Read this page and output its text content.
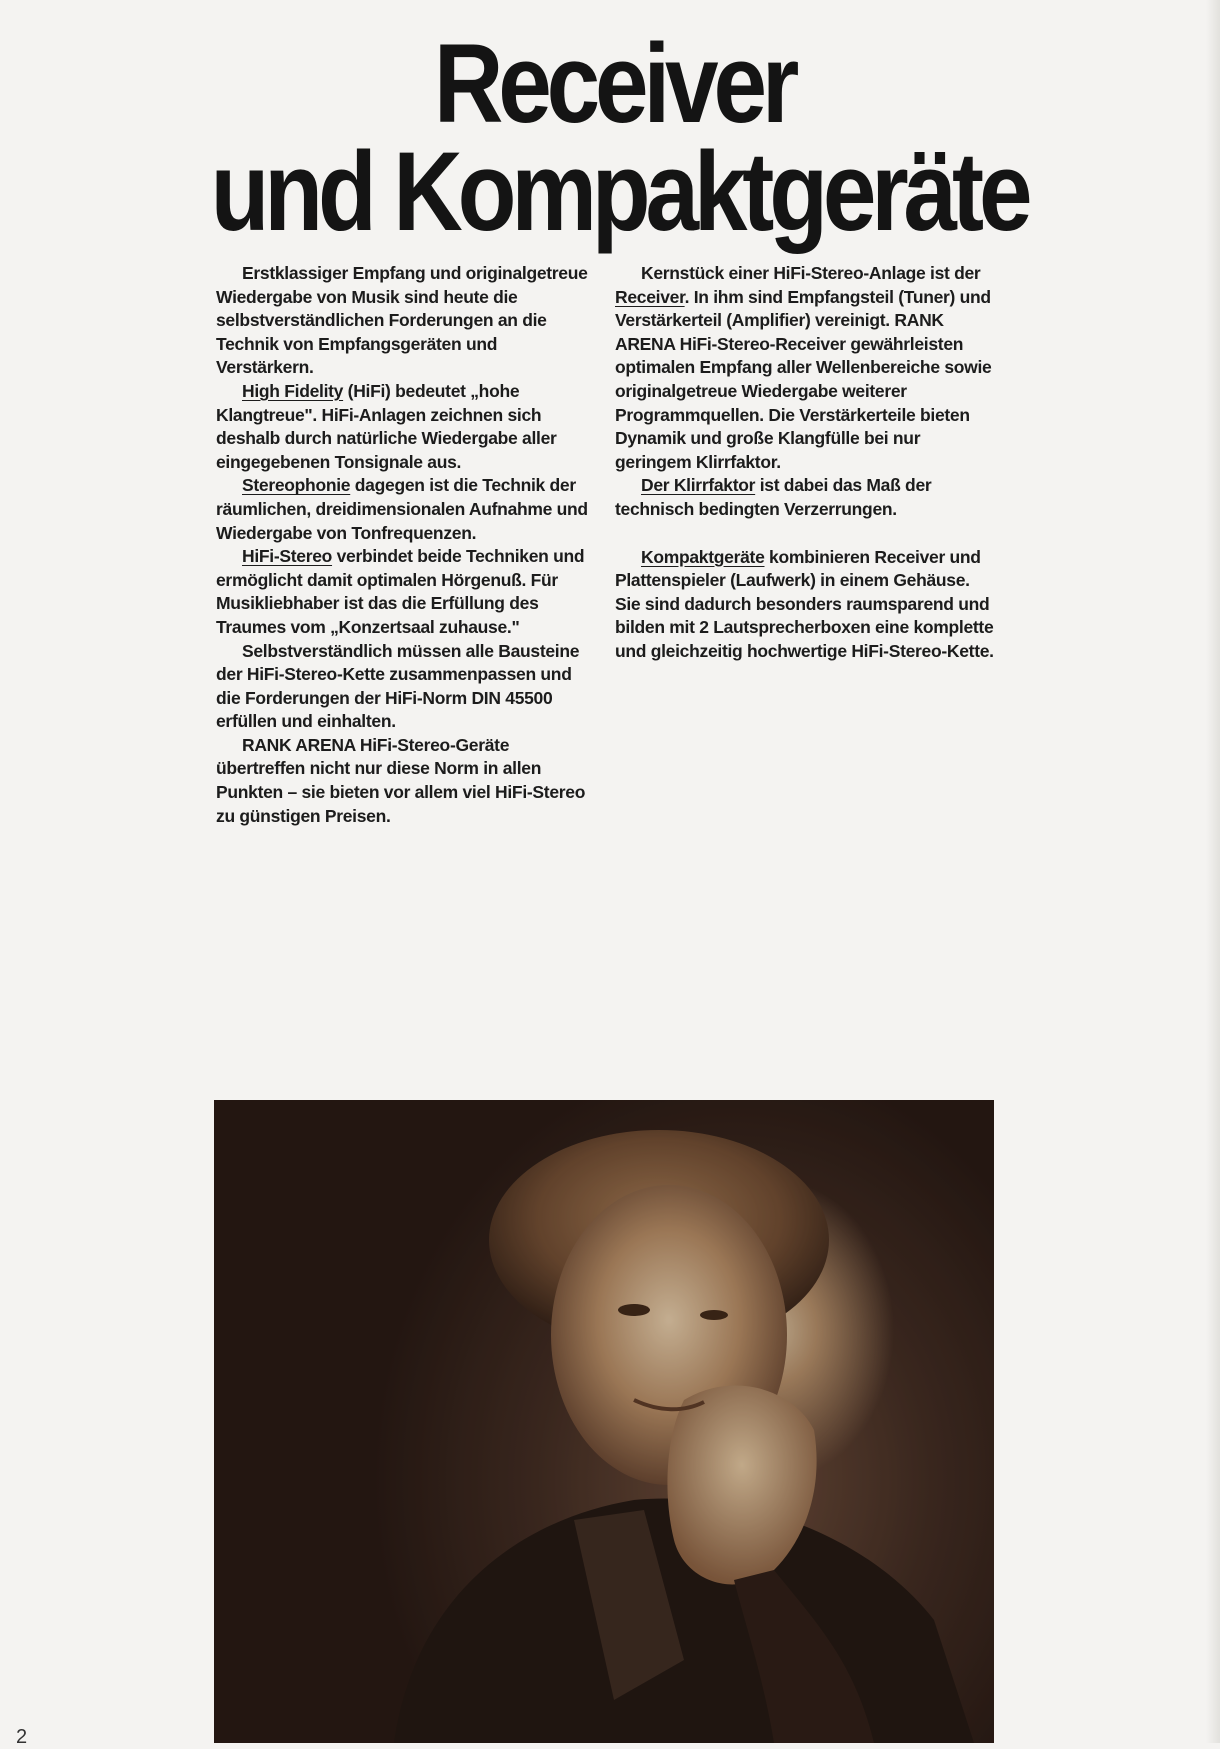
Receiver
und Kompaktgeräte

Erstklassiger Empfang und originalgetreue Wiedergabe von Musik sind heute die selbstverständlichen Forderungen an die Technik von Empfangsgeräten und Verstärkern.

High Fidelity (HiFi) bedeutet „hohe Klangtreue". HiFi-Anlagen zeichnen sich deshalb durch natürliche Wiedergabe aller eingegebenen Tonsignale aus.

Stereophonie dagegen ist die Technik der räumlichen, dreidimensionalen Aufnahme und Wiedergabe von Tonfrequenzen.

HiFi-Stereo verbindet beide Techniken und ermöglicht damit optimalen Hörgenuß. Für Musikliebhaber ist das die Erfüllung des Traumes vom „Konzertsaal zuhause."

Selbstverständlich müssen alle Bausteine der HiFi-Stereo-Kette zusammenpassen und die Forderungen der HiFi-Norm DIN 45500 erfüllen und einhalten.

RANK ARENA HiFi-Stereo-Geräte übertreffen nicht nur diese Norm in allen Punkten – sie bieten vor allem viel HiFi-Stereo zu günstigen Preisen.

Kernstück einer HiFi-Stereo-Anlage ist der Receiver. In ihm sind Empfangsteil (Tuner) und Verstärkerteil (Amplifier) vereinigt. RANK ARENA HiFi-Stereo-Receiver gewährleisten optimalen Empfang aller Wellenbereiche sowie originalgetreue Wiedergabe weiterer Programmquellen. Die Verstärkerteile bieten Dynamik und große Klangfülle bei nur geringem Klirrfaktor.

Der Klirrfaktor ist dabei das Maß der technisch bedingten Verzerrungen.

Kompaktgeräte kombinieren Receiver und Plattenspieler (Laufwerk) in einem Gehäuse. Sie sind dadurch besonders raumsparend und bilden mit 2 Lautsprecherboxen eine komplette und gleichzeitig hochwertige HiFi-Stereo-Kette.

2
